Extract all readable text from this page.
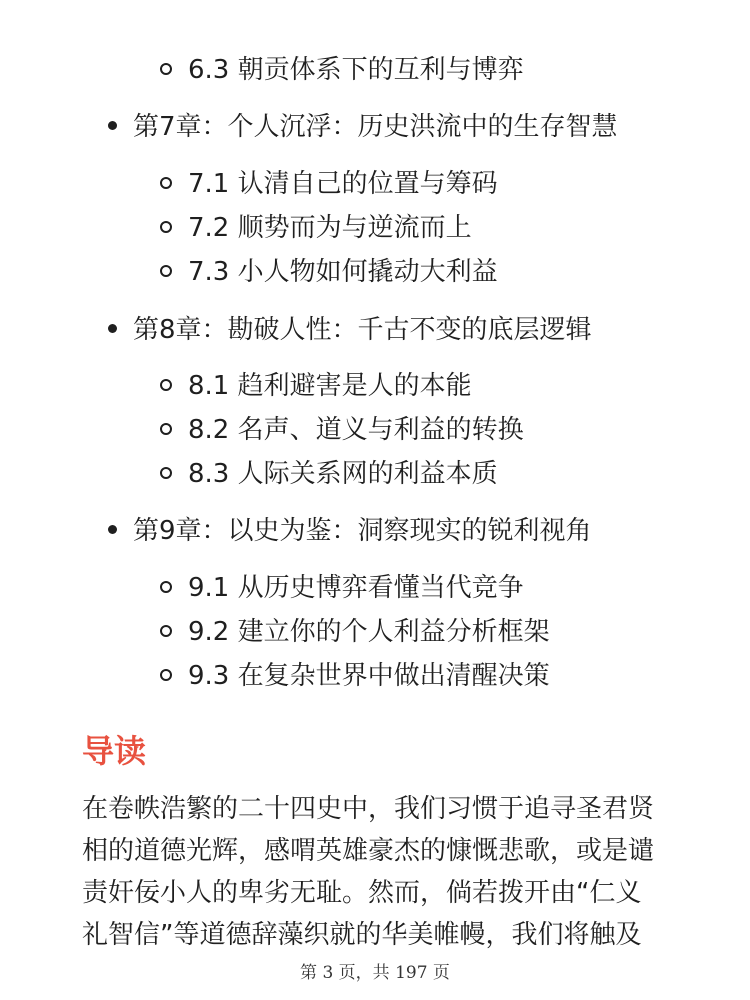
6.3 朝贡体系下的互利与博弈
第7章：个人沉浮：历史洪流中的生存智慧
7.1 认清自己的位置与筹码
7.2 顺势而为与逆流而上
7.3 小人物如何撬动大利益
第8章：勘破人性：千古不变的底层逻辑
8.1 趋利避害是人的本能
8.2 名声、道义与利益的转换
8.3 人际关系网的利益本质
第9章：以史为鉴：洞察现实的锐利视角
9.1 从历史博弈看懂当代竞争
9.2 建立你的个人利益分析框架
9.3 在复杂世界中做出清醒决策
导读
在卷帙浩繁的二十四史中，我们习惯于追寻圣君贤
相的道德光辉，感喟英雄豪杰的慷慨悲歌，或是谴
责奸佞小人的卑劣无耻。然而，倘若拨开由“仁义
礼智信”等道德辞藻织就的华美帷幔，我们将触及
第 3 页，共 197 页
